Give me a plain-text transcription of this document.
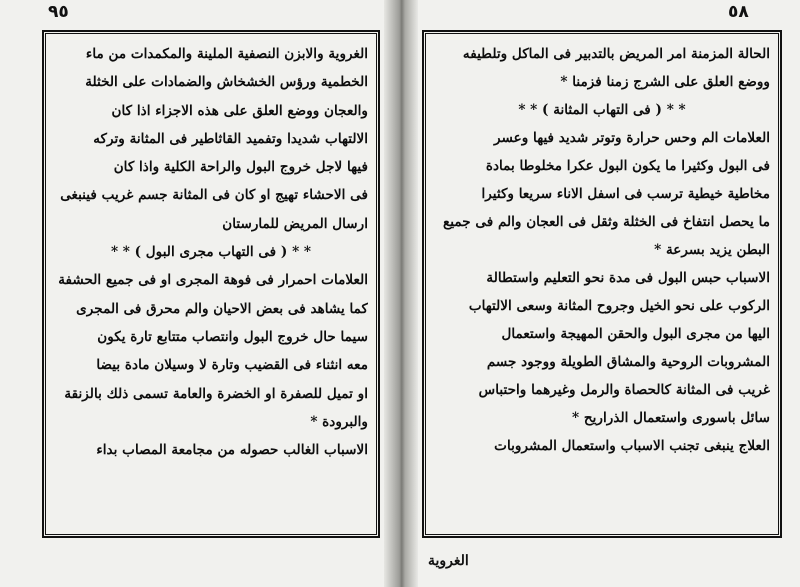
٩٥	٥٨
الغروية والابزن النصفية الملينة والمكمدات من ماء
الخطمية ورؤس الخشخاش والضمادات على الخثلة
والعجان ووضع العلق على هذه الاجزاء اذا كان
الالتهاب شديدا وتفميد القاثاطير فى المثانة وتركه
فيها لاجل خروج البول والراحة الكلية واذا كان
فى الاحشاء تهيج او كان فى المثانة جسم غريب فينبغى
ارسال المريض للمارستان
* * ( فى التهاب مجرى البول ) * *
العلامات احمرار فى فوهة المجرى او فى جميع الحشفة
كما يشاهد فى بعض الاحيان والم محرق فى المجرى
سيما حال خروج البول وانتصاب متتابع تارة يكون
معه انثناء فى القضيب وتارة لا وسيلان مادة بيضا
او تميل للصفرة او الخضرة والعامة تسمى ذلك بالزنقة
والبرودة *
الاسباب الغالب حصوله من مجامعة المصاب بداء
الحالة المزمنة امر المريض بالتدبير فى الماكل وتلطيفه
ووضع العلق على الشرج زمنا فزمنا *
* * ( فى التهاب المثانة ) * *
العلامات الم وحس حرارة وتوتر شديد فيها وعسر
فى البول وكثيرا ما يكون البول عكرا مخلوطا بمادة
مخاطية خيطية ترسب فى اسفل الاناء سريعا وكثيرا
ما يحصل انتفاخ فى الخثلة وثقل فى العجان والم فى جميع
البطن يزيد بسرعة *
الاسباب حبس البول فى مدة نحو التعليم واستطالة
الركوب على نحو الخيل وجروح المثانة وسعى الالتهاب
اليها من مجرى البول والحقن المهيجة واستعمال
المشروبات الروحية والمشاق الطويلة ووجود جسم
غريب فى المثانة كالحصاة والرمل وغيرهما واحتباس
سائل باسورى واستعمال الذراريح *
العلاج ينبغى تجنب الاسباب واستعمال المشروبات
الغروية
